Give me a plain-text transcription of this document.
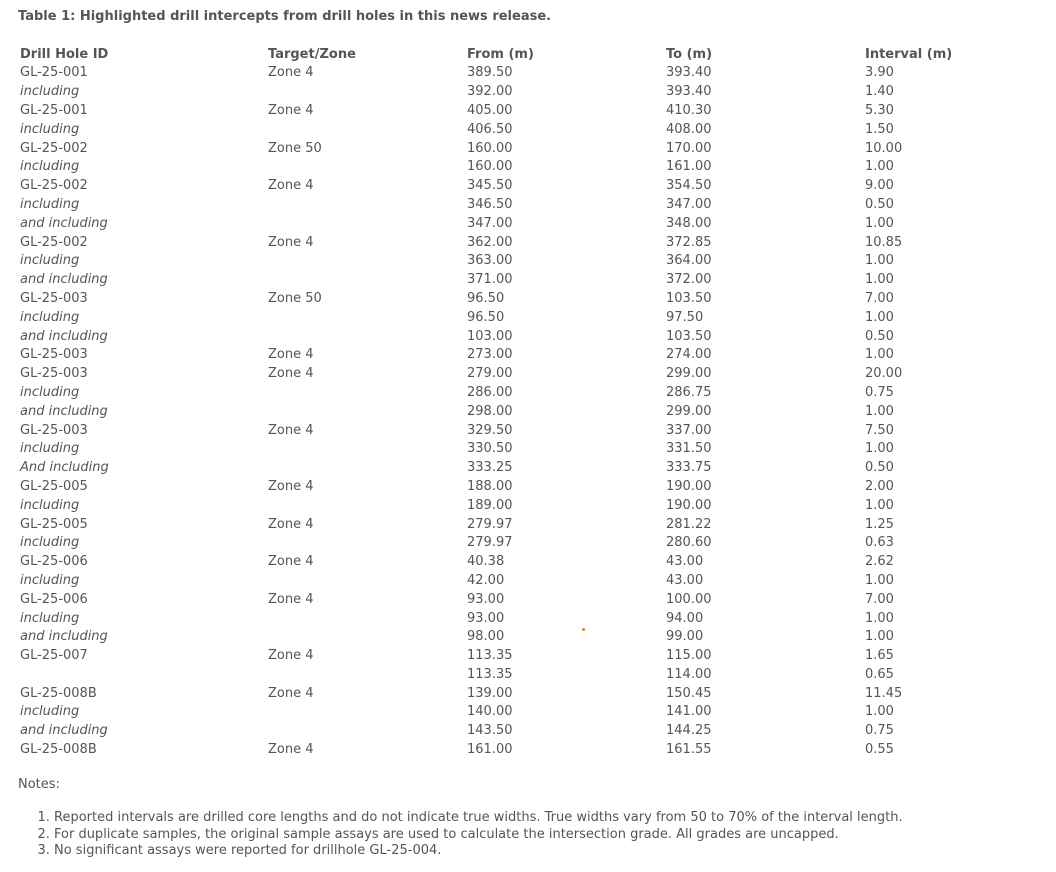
Table 1: Highlighted drill intercepts from drill holes in this news release.
Drill Hole ID	Target/Zone	From (m)	To (m)	Interval (m)
GL-25-001	Zone 4	389.50	393.40	3.90
including		392.00	393.40	1.40
GL-25-001	Zone 4	405.00	410.30	5.30
including		406.50	408.00	1.50
GL-25-002	Zone 50	160.00	170.00	10.00
including		160.00	161.00	1.00
GL-25-002	Zone 4	345.50	354.50	9.00
including		346.50	347.00	0.50
and including		347.00	348.00	1.00
GL-25-002	Zone 4	362.00	372.85	10.85
including		363.00	364.00	1.00
and including		371.00	372.00	1.00
GL-25-003	Zone 50	96.50	103.50	7.00
including		96.50	97.50	1.00
and including		103.00	103.50	0.50
GL-25-003	Zone 4	273.00	274.00	1.00
GL-25-003	Zone 4	279.00	299.00	20.00
including		286.00	286.75	0.75
and including		298.00	299.00	1.00
GL-25-003	Zone 4	329.50	337.00	7.50
including		330.50	331.50	1.00
And including		333.25	333.75	0.50
GL-25-005	Zone 4	188.00	190.00	2.00
including		189.00	190.00	1.00
GL-25-005	Zone 4	279.97	281.22	1.25
including		279.97	280.60	0.63
GL-25-006	Zone 4	40.38	43.00	2.62
including		42.00	43.00	1.00
GL-25-006	Zone 4	93.00	100.00	7.00
including		93.00	94.00	1.00
and including		98.00	99.00	1.00
GL-25-007	Zone 4	113.35	115.00	1.65
		113.35	114.00	0.65
GL-25-008B	Zone 4	139.00	150.45	11.45
including		140.00	141.00	1.00
and including		143.50	144.25	0.75
GL-25-008B	Zone 4	161.00	161.55	0.55
Notes:
1. Reported intervals are drilled core lengths and do not indicate true widths. True widths vary from 50 to 70% of the interval length.
2. For duplicate samples, the original sample assays are used to calculate the intersection grade. All grades are uncapped.
3. No significant assays were reported for drillhole GL-25-004.
